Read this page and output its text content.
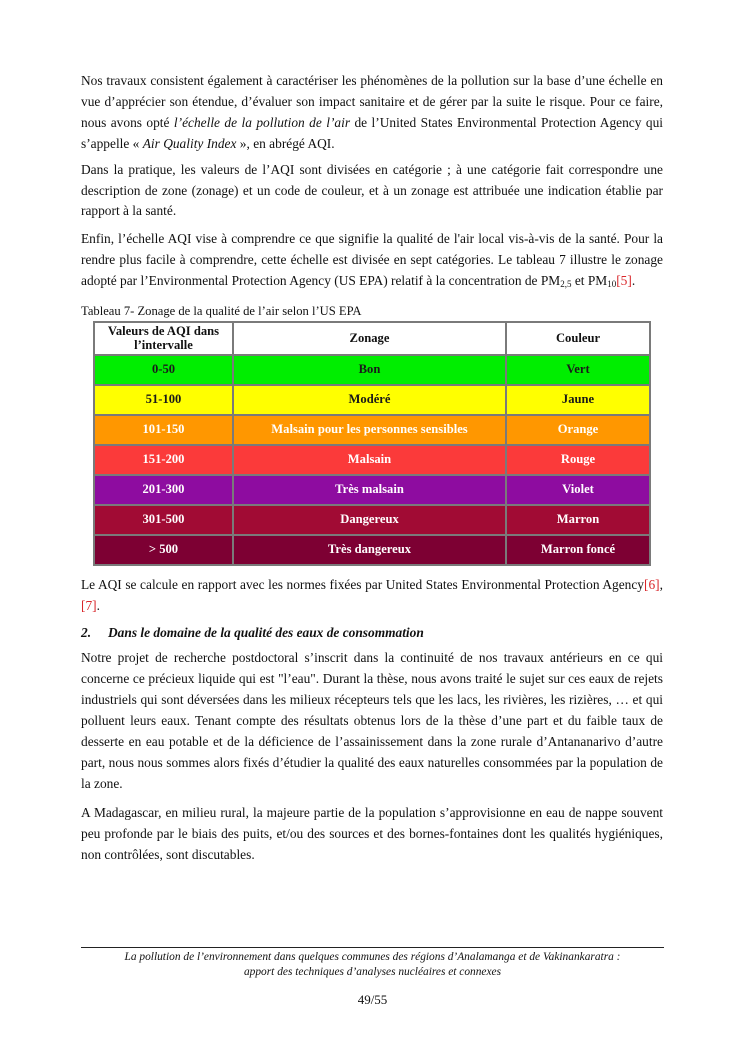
Nos travaux consistent également à caractériser les phénomènes de la pollution sur la base d’une échelle en vue d’apprécier son étendue, d’évaluer son impact sanitaire et de gérer par la suite le risque. Pour ce faire, nous avons opté l’échelle de la pollution de l’air de l’United States Environmental Protection Agency qui s’appelle « Air Quality Index », en abrégé AQI.

Dans la pratique, les valeurs de l’AQI sont divisées en catégorie ; à une catégorie fait correspondre une description de zone (zonage) et un code de couleur, et à un zonage est attribuée une indication établie par rapport à la santé.

Enfin, l’échelle AQI vise à comprendre ce que signifie la qualité de l'air local vis-à-vis de la santé. Pour la rendre plus facile à comprendre, cette échelle est divisée en sept catégories. Le tableau 7 illustre le zonage adopté par l’Environmental Protection Agency (US EPA) relatif à la concentration de $PM_{2,5}$ et $PM_{10}[5]$.

Tableau 7- Zonage de la qualité de l’air selon l’US EPA
Valeurs de AQI dans l’intervalle	Zonage	Couleur
0-50	Bon	Vert
51-100	Modéré	Jaune
101-150	Malsain pour les personnes sensibles	Orange
151-200	Malsain	Rouge
201-300	Très malsain	Violet
301-500	Dangereux	Marron
> 500	Très dangereux	Marron foncé

Le AQI se calcule en rapport avec les normes fixées par United States Environmental Protection Agency[6],[7].

2. Dans le domaine de la qualité des eaux de consommation

Notre projet de recherche postdoctoral s’inscrit dans la continuité de nos travaux antérieurs en ce qui concerne ce précieux liquide qui est "l’eau". Durant la thèse, nous avons traité le sujet sur ces eaux de rejets industriels qui sont déversées dans les milieux récepteurs tels que les lacs, les rivières, les rizières, … et qui polluent leurs eaux. Tenant compte des résultats obtenus lors de la thèse d’une part et du faible taux de desserte en eau potable et de la déficience de l’assainissement dans la zone rurale d’Antananarivo d’autre part, nous nous sommes alors fixés d’étudier la qualité des eaux naturelles consommées par la population de la zone.

A Madagascar, en milieu rural, la majeure partie de la population s’approvisionne en eau de nappe souvent peu profonde par le biais des puits, et/ou des sources et des bornes-fontaines dont les qualités hygiéniques, non contrôlées, sont discutables.

La pollution de l’environnement dans quelques communes des régions d’Analamanga et de Vakinankaratra :
apport des techniques d’analyses nucléaires et connexes
49/55
